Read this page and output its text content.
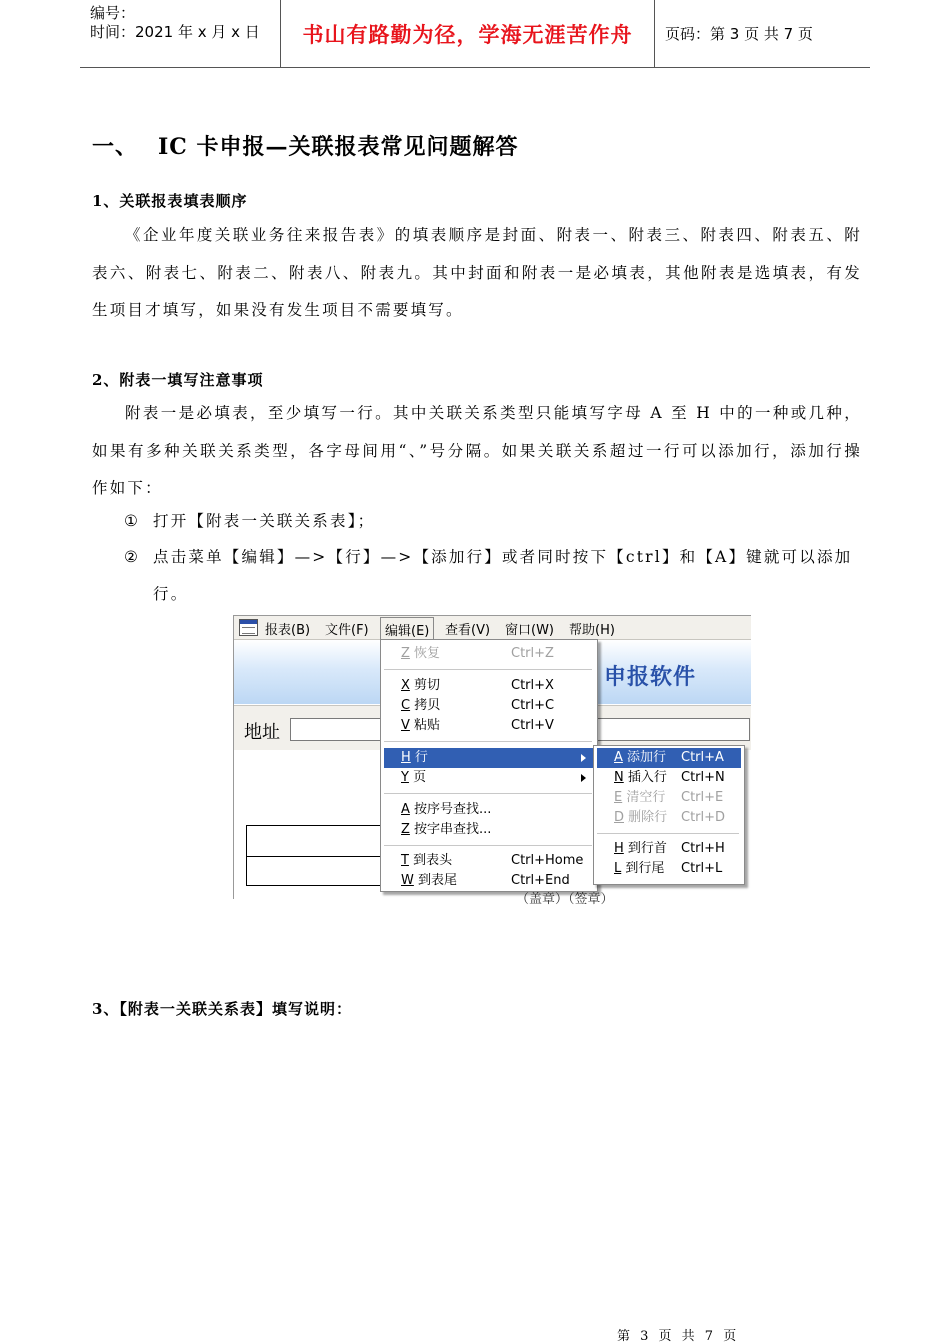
编号：
时间：2021 年 x 月 x 日	书山有路勤为径，学海无涯苦作舟	页码：第 3 页 共 7 页
一、 IC 卡申报—关联报表常见问题解答

1、关联报表填表顺序

《企业年度关联业务往来报告表》的填表顺序是封面、附表一、附表三、附表四、附表五、附表六、附表七、附表二、附表八、附表九。其中封面和附表一是必填表，其他附表是选填表，有发生项目才填写，如果没有发生项目不需要填写。

2、附表一填写注意事项

附表一是必填表，至少填写一行。其中关联关系类型只能填写字母 A 至 H 中的一种或几种，如果有多种关联关系类型，各字母间用“、”号分隔。如果关联关系超过一行可以添加行，添加行操作如下：

① 打开【附表一关联关系表】；

② 点击菜单【编辑】—>【行】—>【添加行】或者同时按下【ctrl】和【A】键就可以添加
行。

报表(B) 文件(F)	编辑(E)	查看(V) 窗口(W) 帮助(H)
申报软件
地址
（盖章）（签章）
Z 恢复	Ctrl+Z
X 剪切	Ctrl+X
C 拷贝	Ctrl+C
V 粘贴	Ctrl+V
H 行
Y 页
A 按序号查找...
Z 按字串查找...
T 到表头	Ctrl+Home
W 到表尾	Ctrl+End
A 添加行 Ctrl+A
N 插入行 Ctrl+N
E 清空行 Ctrl+E
D 删除行 Ctrl+D
H 到行首 Ctrl+H
L 到行尾 Ctrl+L

3、【附表一关联关系表】填写说明：

第 3 页 共 7 页
